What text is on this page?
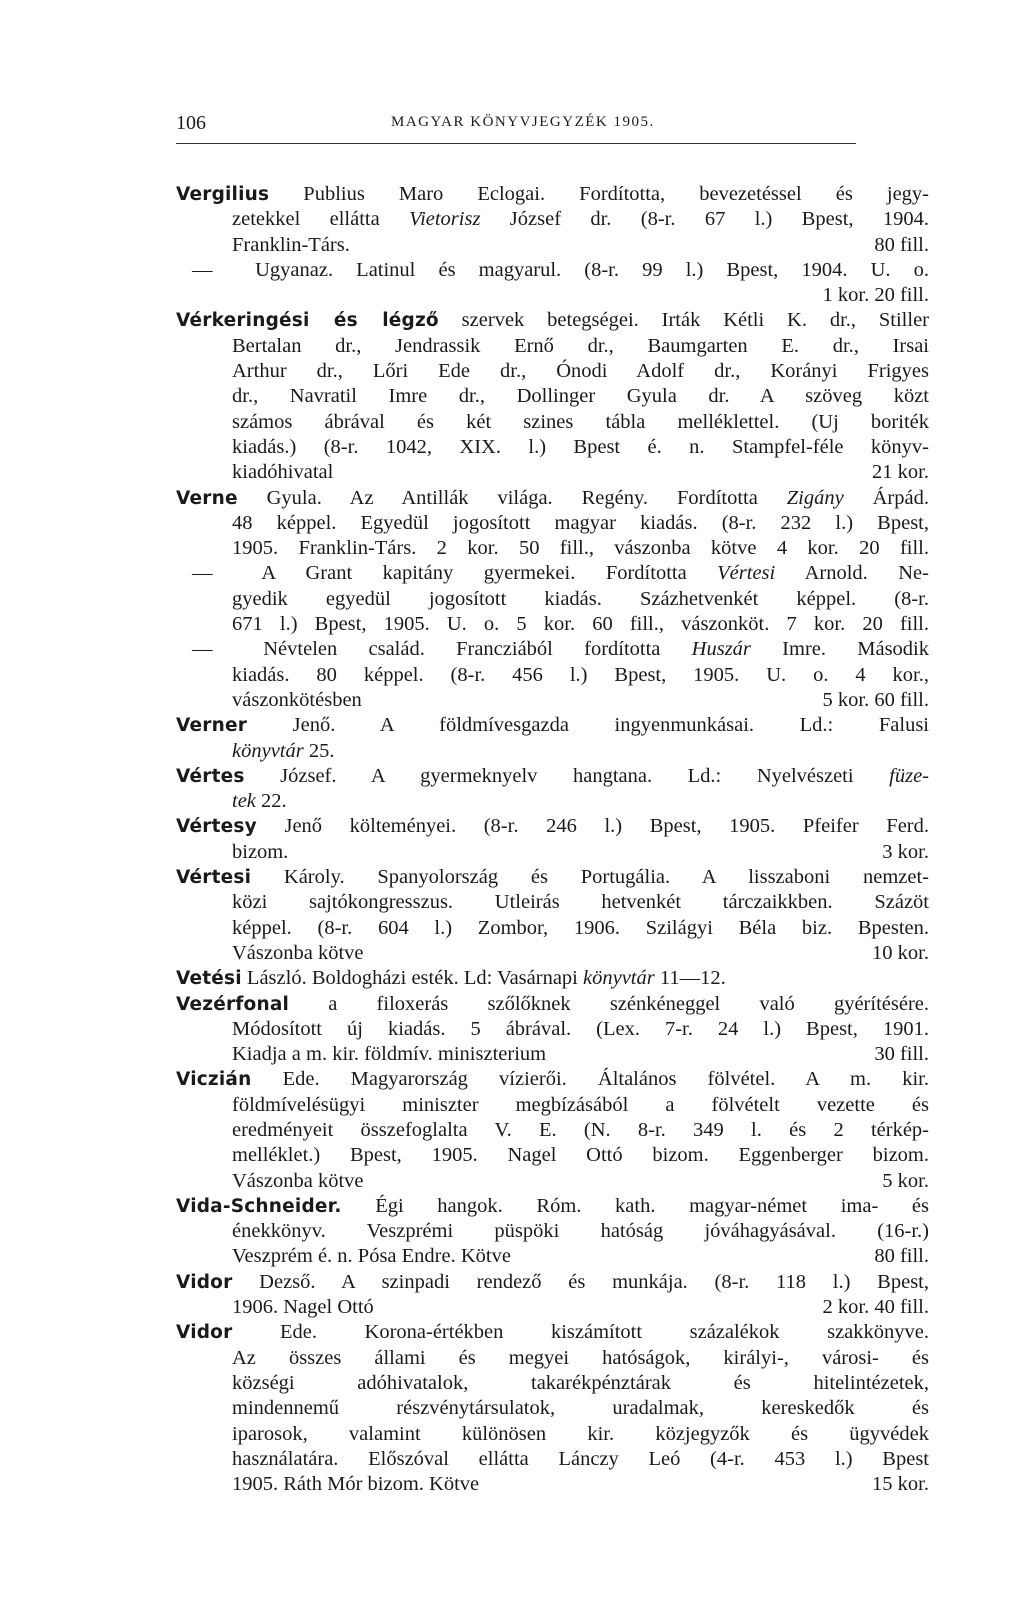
106	MAGYAR KÖNYVJEGYZÉK 1905.
Vergilius Publius Maro Eclogai. Fordította, bevezetéssel és jegy-
zetekkel ellátta Vietorisz József dr. (8-r. 67 l.) Bpest, 1904.
80 fill.
Franklin-Társ.
— Ugyanaz. Latinul és magyarul. (8-r. 99 l.) Bpest, 1904. U. o.
1 kor. 20 fill.
Vérkeringési és légző szervek betegségei. Irták Kétli K. dr., Stiller
Bertalan dr., Jendrassik Ernő dr., Baumgarten E. dr., Irsai
Arthur dr., Lőri Ede dr., Ónodi Adolf dr., Korányi Frigyes
dr., Navratil Imre dr., Dollinger Gyula dr. A szöveg közt
számos ábrával és két szines tábla melléklettel. (Uj boriték
kiadás.) (8-r. 1042, XIX. l.) Bpest é. n. Stampfel-féle könyv-
21 kor.
kiadóhivatal
Verne Gyula. Az Antillák világa. Regény. Fordította Zigány Árpád.
48 képpel. Egyedül jogosított magyar kiadás. (8-r. 232 l.) Bpest,
1905. Franklin-Társ. 2 kor. 50 fill., vászonba kötve 4 kor. 20 fill.
— A Grant kapitány gyermekei. Fordította Vértesi Arnold. Ne-
gyedik egyedül jogosított kiadás. Százhetvenkét képpel. (8-r.
671 l.) Bpest, 1905. U. o. 5 kor. 60 fill., vászonköt. 7 kor. 20 fill.
— Névtelen család. Francziából fordította Huszár Imre. Második
kiadás. 80 képpel. (8-r. 456 l.) Bpest, 1905. U. o. 4 kor.,
5 kor. 60 fill.
vászonkötésben
Verner Jenő. A földmívesgazda ingyenmunkásai. Ld.: Falusi
könyvtár 25.
Vértes József. A gyermeknyelv hangtana. Ld.: Nyelvészeti füze-
tek 22.
Vértesy Jenő költeményei. (8-r. 246 l.) Bpest, 1905. Pfeifer Ferd.
3 kor.
bizom.
Vértesi Károly. Spanyolország és Portugália. A lisszaboni nemzet-
közi sajtókongresszus. Utleirás hetvenkét tárczaikkben. Százöt
képpel. (8-r. 604 l.) Zombor, 1906. Szilágyi Béla biz. Bpesten.
10 kor.
Vászonba kötve
Vetési László. Boldogházi esték. Ld: Vasárnapi könyvtár 11—12.
Vezérfonal a filoxerás szőlőknek szénkéneggel való gyérítésére.
Módosított új kiadás. 5 ábrával. (Lex. 7-r. 24 l.) Bpest, 1901.
30 fill.
Kiadja a m. kir. földmív. miniszterium
Viczián Ede. Magyarország vízierői. Általános fölvétel. A m. kir.
földmívelésügyi miniszter megbízásából a fölvételt vezette és
eredményeit összefoglalta V. E. (N. 8-r. 349 l. és 2 térkép-
melléklet.) Bpest, 1905. Nagel Ottó bizom. Eggenberger bizom.
5 kor.
Vászonba kötve
Vida-Schneider. Égi hangok. Róm. kath. magyar-német ima- és
énekkönyv. Veszprémi püspöki hatóság jóváhagyásával. (16-r.)
80 fill.
Veszprém é. n. Pósa Endre. Kötve
Vidor Dezső. A szinpadi rendező és munkája. (8-r. 118 l.) Bpest,
2 kor. 40 fill.
1906. Nagel Ottó
Vidor Ede. Korona-értékben kiszámított százalékok szakkönyve.
Az összes állami és megyei hatóságok, királyi-, városi- és
községi adóhivatalok, takarékpénztárak és hitelintézetek,
mindennemű részvénytársulatok, uradalmak, kereskedők és
iparosok, valamint különösen kir. közjegyzők és ügyvédek
használatára. Előszóval ellátta Lánczy Leó (4-r. 453 l.) Bpest
15 kor.
1905. Ráth Mór bizom. Kötve
